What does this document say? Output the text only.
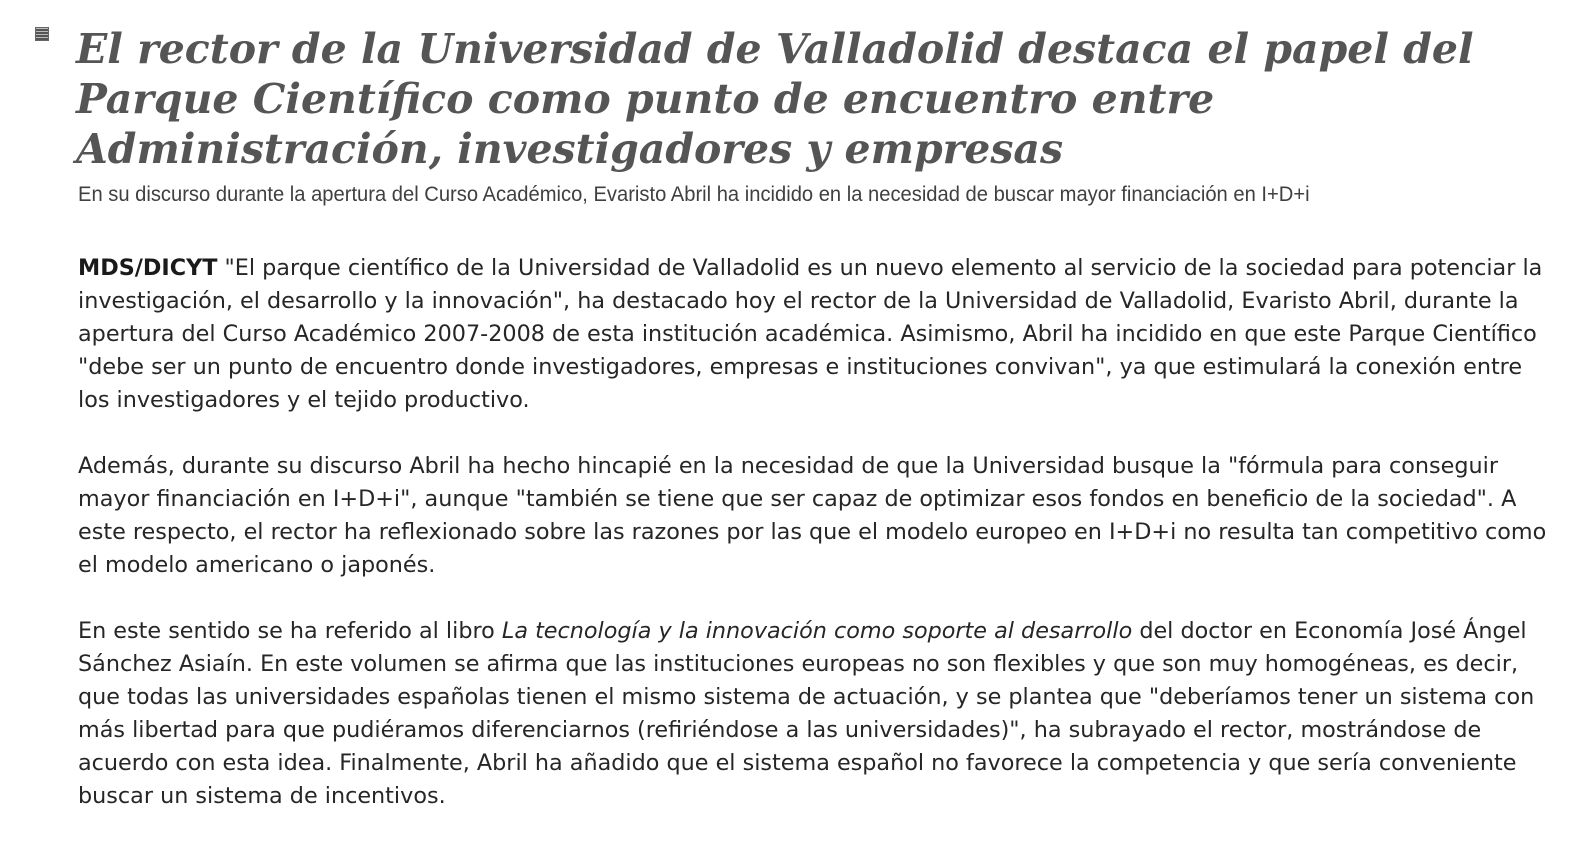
El rector de la Universidad de Valladolid destaca el papel del Parque Científico como punto de encuentro entre Administración, investigadores y empresas

En su discurso durante la apertura del Curso Académico, Evaristo Abril ha incidido en la necesidad de buscar mayor financiación en I+D+i

MDS/DICYT "El parque científico de la Universidad de Valladolid es un nuevo elemento al servicio de la sociedad para potenciar la investigación, el desarrollo y la innovación", ha destacado hoy el rector de la Universidad de Valladolid, Evaristo Abril, durante la apertura del Curso Académico 2007-2008 de esta institución académica. Asimismo, Abril ha incidido en que este Parque Científico "debe ser un punto de encuentro donde investigadores, empresas e instituciones convivan", ya que estimulará la conexión entre los investigadores y el tejido productivo.

Además, durante su discurso Abril ha hecho hincapié en la necesidad de que la Universidad busque la "fórmula para conseguir mayor financiación en I+D+i", aunque "también se tiene que ser capaz de optimizar esos fondos en beneficio de la sociedad". A este respecto, el rector ha reflexionado sobre las razones por las que el modelo europeo en I+D+i no resulta tan competitivo como el modelo americano o japonés.

En este sentido se ha referido al libro La tecnología y la innovación como soporte al desarrollo del doctor en Economía José Ángel Sánchez Asiaín. En este volumen se afirma que las instituciones europeas no son flexibles y que son muy homogéneas, es decir, que todas las universidades españolas tienen el mismo sistema de actuación, y se plantea que "deberíamos tener un sistema con más libertad para que pudiéramos diferenciarnos (refiriéndose a las universidades)", ha subrayado el rector, mostrándose de acuerdo con esta idea. Finalmente, Abril ha añadido que el sistema español no favorece la competencia y que sería conveniente buscar un sistema de incentivos.
